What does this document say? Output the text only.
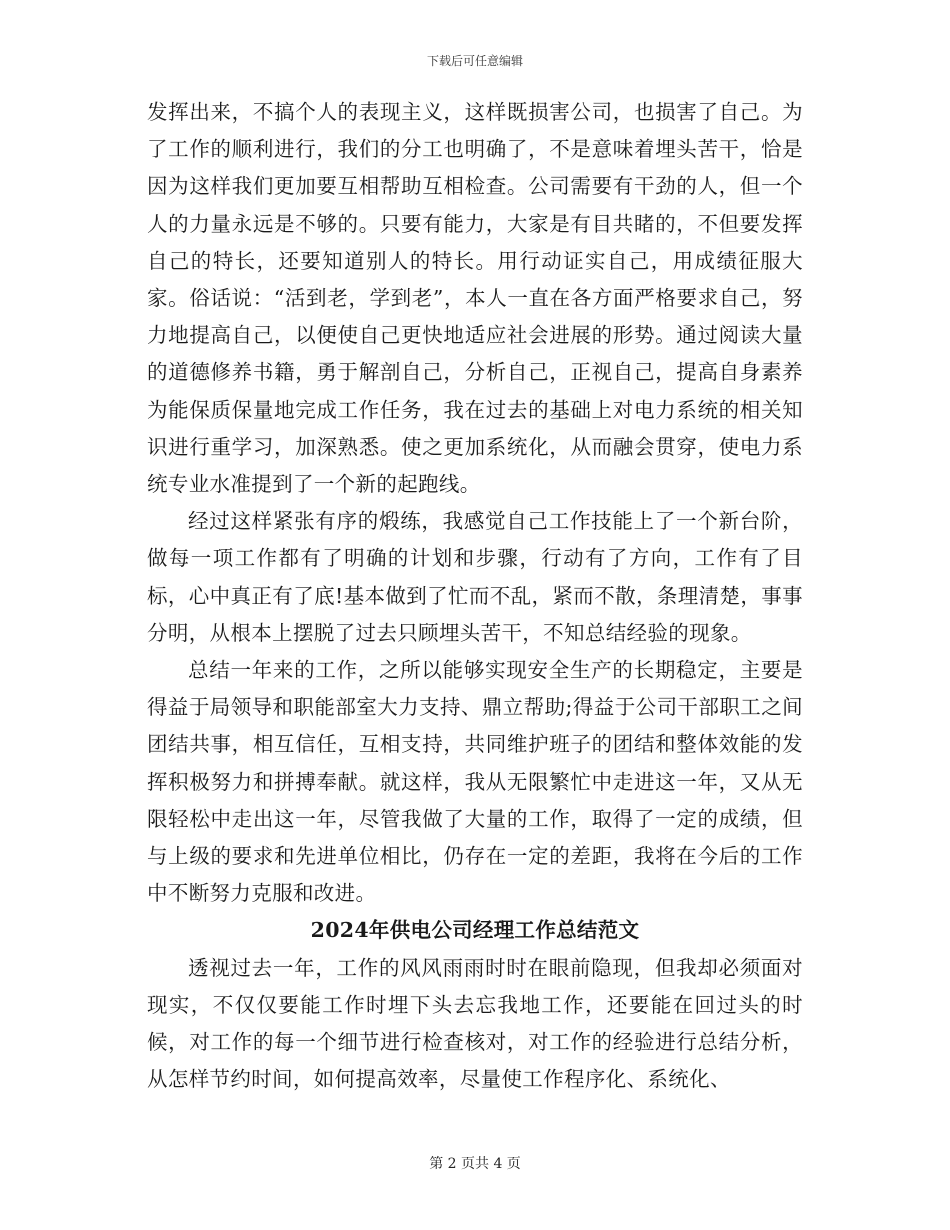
下载后可任意编辑

发挥出来，不搞个人的表现主义，这样既损害公司，也损害了自己。为了工作的顺利进行，我们的分工也明确了，不是意味着埋头苦干，恰是因为这样我们更加要互相帮助互相检查。公司需要有干劲的人，但一个人的力量永远是不够的。只要有能力，大家是有目共睹的，不但要发挥自己的特长，还要知道别人的特长。用行动证实自己，用成绩征服大家。俗话说：“活到老，学到老”，本人一直在各方面严格要求自己，努力地提高自己，以便使自己更快地适应社会进展的形势。通过阅读大量的道德修养书籍，勇于解剖自己，分析自己，正视自己，提高自身素养为能保质保量地完成工作任务，我在过去的基础上对电力系统的相关知识进行重学习，加深熟悉。使之更加系统化，从而融会贯穿，使电力系统专业水准提到了一个新的起跑线。

经过这样紧张有序的煅练，我感觉自己工作技能上了一个新台阶，做每一项工作都有了明确的计划和步骤，行动有了方向，工作有了目标，心中真正有了底!基本做到了忙而不乱，紧而不散，条理清楚，事事分明，从根本上摆脱了过去只顾埋头苦干，不知总结经验的现象。

总结一年来的工作，之所以能够实现安全生产的长期稳定，主要是得益于局领导和职能部室大力支持、鼎立帮助;得益于公司干部职工之间团结共事，相互信任，互相支持，共同维护班子的团结和整体效能的发挥积极努力和拼搏奉献。就这样，我从无限繁忙中走进这一年，又从无限轻松中走出这一年，尽管我做了大量的工作，取得了一定的成绩，但与上级的要求和先进单位相比，仍存在一定的差距，我将在今后的工作中不断努力克服和改进。

2024年供电公司经理工作总结范文

透视过去一年，工作的风风雨雨时时在眼前隐现，但我却必须面对现实，不仅仅要能工作时埋下头去忘我地工作，还要能在回过头的时候，对工作的每一个细节进行检查核对，对工作的经验进行总结分析，从怎样节约时间，如何提高效率，尽量使工作程序化、系统化、

第 2 页共 4 页
